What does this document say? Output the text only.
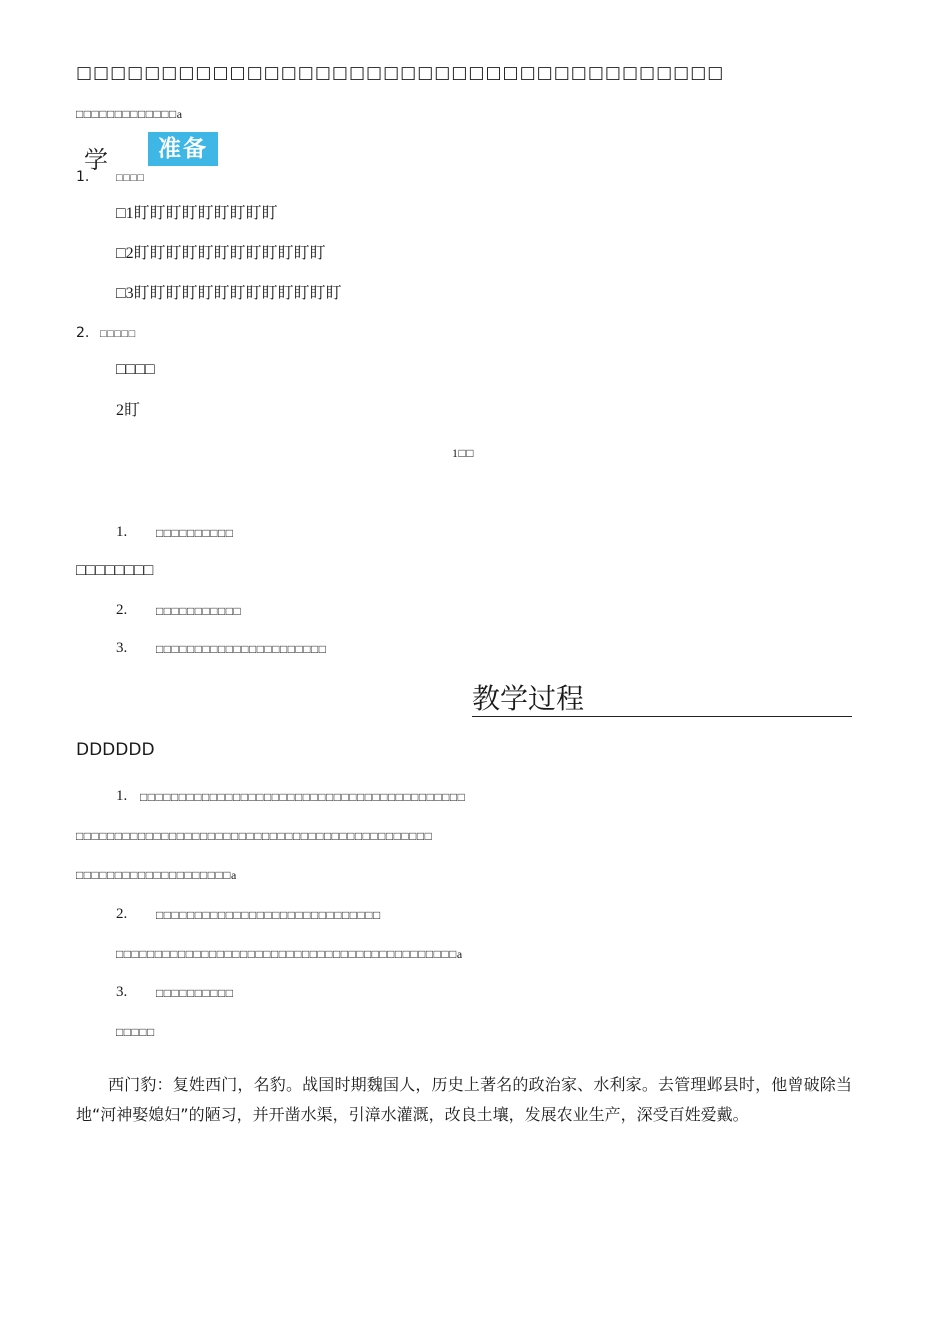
□□□□□□□□□□□□□□□□□□□□□□□□□□□□□□□□□□□□□□
□□□□□□□□□□□□□a
学	准备
1. □□□□
□1盯盯盯盯盯盯盯盯盯
□2盯盯盯盯盯盯盯盯盯盯盯盯
□3盯盯盯盯盯盯盯盯盯盯盯盯盯
2. □□□□□
□□□□
2盯
1□□
1. □□□□□□□□□□
□□□□□□□□
2. □□□□□□□□□□□
3. □□□□□□□□□□□□□□□□□□□□□□
教学过程
DDDDDD
1. □□□□□□□□□□□□□□□□□□□□□□□□□□□□□□□□□□□□□□□□□□
□□□□□□□□□□□□□□□□□□□□□□□□□□□□□□□□□□□□□□□□□□□□□□
□□□□□□□□□□□□□□□□□□□□a
2. □□□□□□□□□□□□□□□□□□□□□□□□□□□□□
□□□□□□□□□□□□□□□□□□□□□□□□□□□□□□□□□□□□□□□□□□□□a
3. □□□□□□□□□□
□□□□□
西门豹：复姓西门，名豹。战国时期魏国人，历史上著名的政治家、水利家。去管理邺县时，他曾破除当地“河神娶媳妇”的陋习，并开凿水渠，引漳水灌溉，改良土壤，发展农业生产，深受百姓爱戴。
